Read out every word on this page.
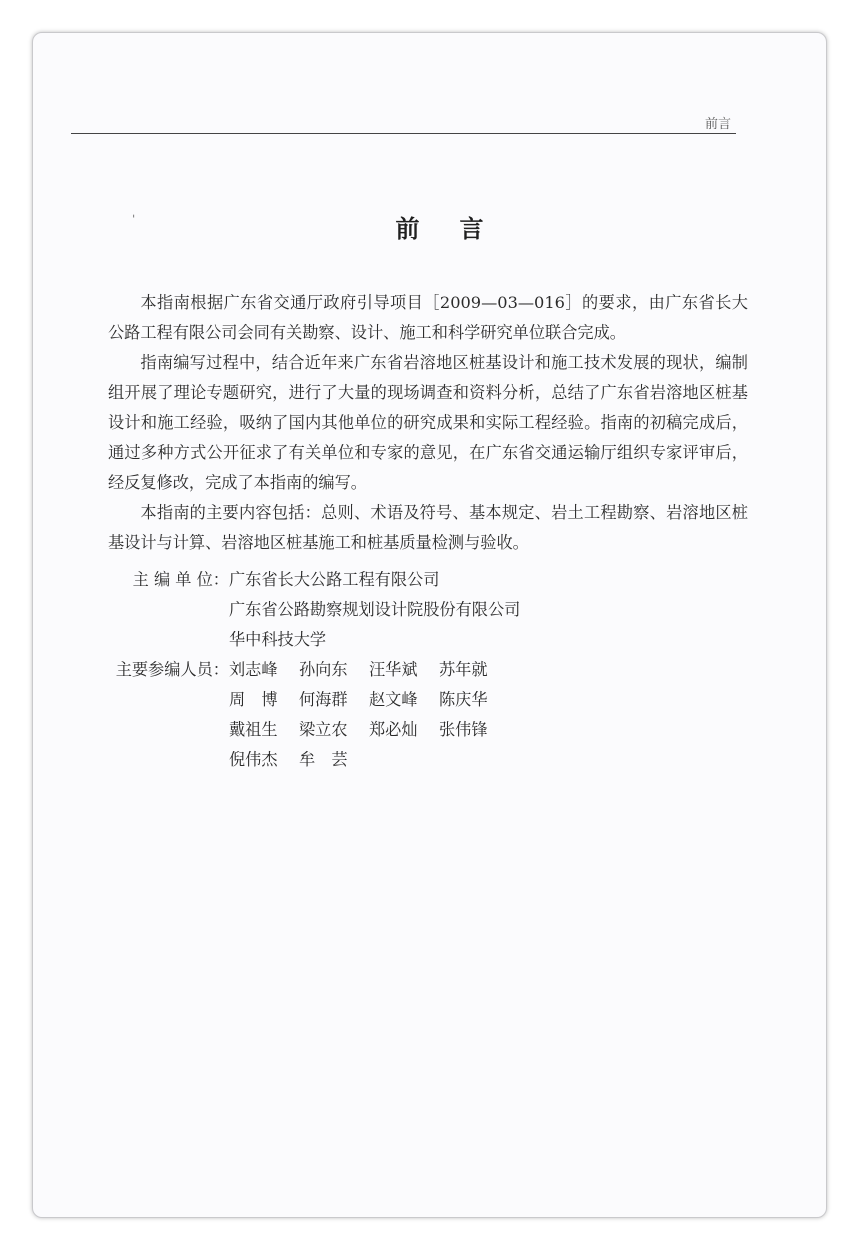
前言
ˈ	前言

本指南根据广东省交通厅政府引导项目［2009—03—016］的要求，由广东省长大公路工程有限公司会同有关勘察、设计、施工和科学研究单位联合完成。

指南编写过程中，结合近年来广东省岩溶地区桩基设计和施工技术发展的现状，编制组开展了理论专题研究，进行了大量的现场调查和资料分析，总结了广东省岩溶地区桩基设计和施工经验，吸纳了国内其他单位的研究成果和实际工程经验。指南的初稿完成后，通过多种方式公开征求了有关单位和专家的意见，在广东省交通运输厅组织专家评审后，经反复修改，完成了本指南的编写。

本指南的主要内容包括：总则、术语及符号、基本规定、岩土工程勘察、岩溶地区桩基设计与计算、岩溶地区桩基施工和桩基质量检测与验收。

主 编 单 位： 广东省长大公路工程有限公司
广东省公路勘察规划设计院股份有限公司
华中科技大学
主要参编人员： 刘志峰	孙向东	汪华斌	苏年就
周　博	何海群	赵文峰	陈庆华
戴祖生	梁立农	郑必灿	张伟锋
倪伟杰	牟　芸
